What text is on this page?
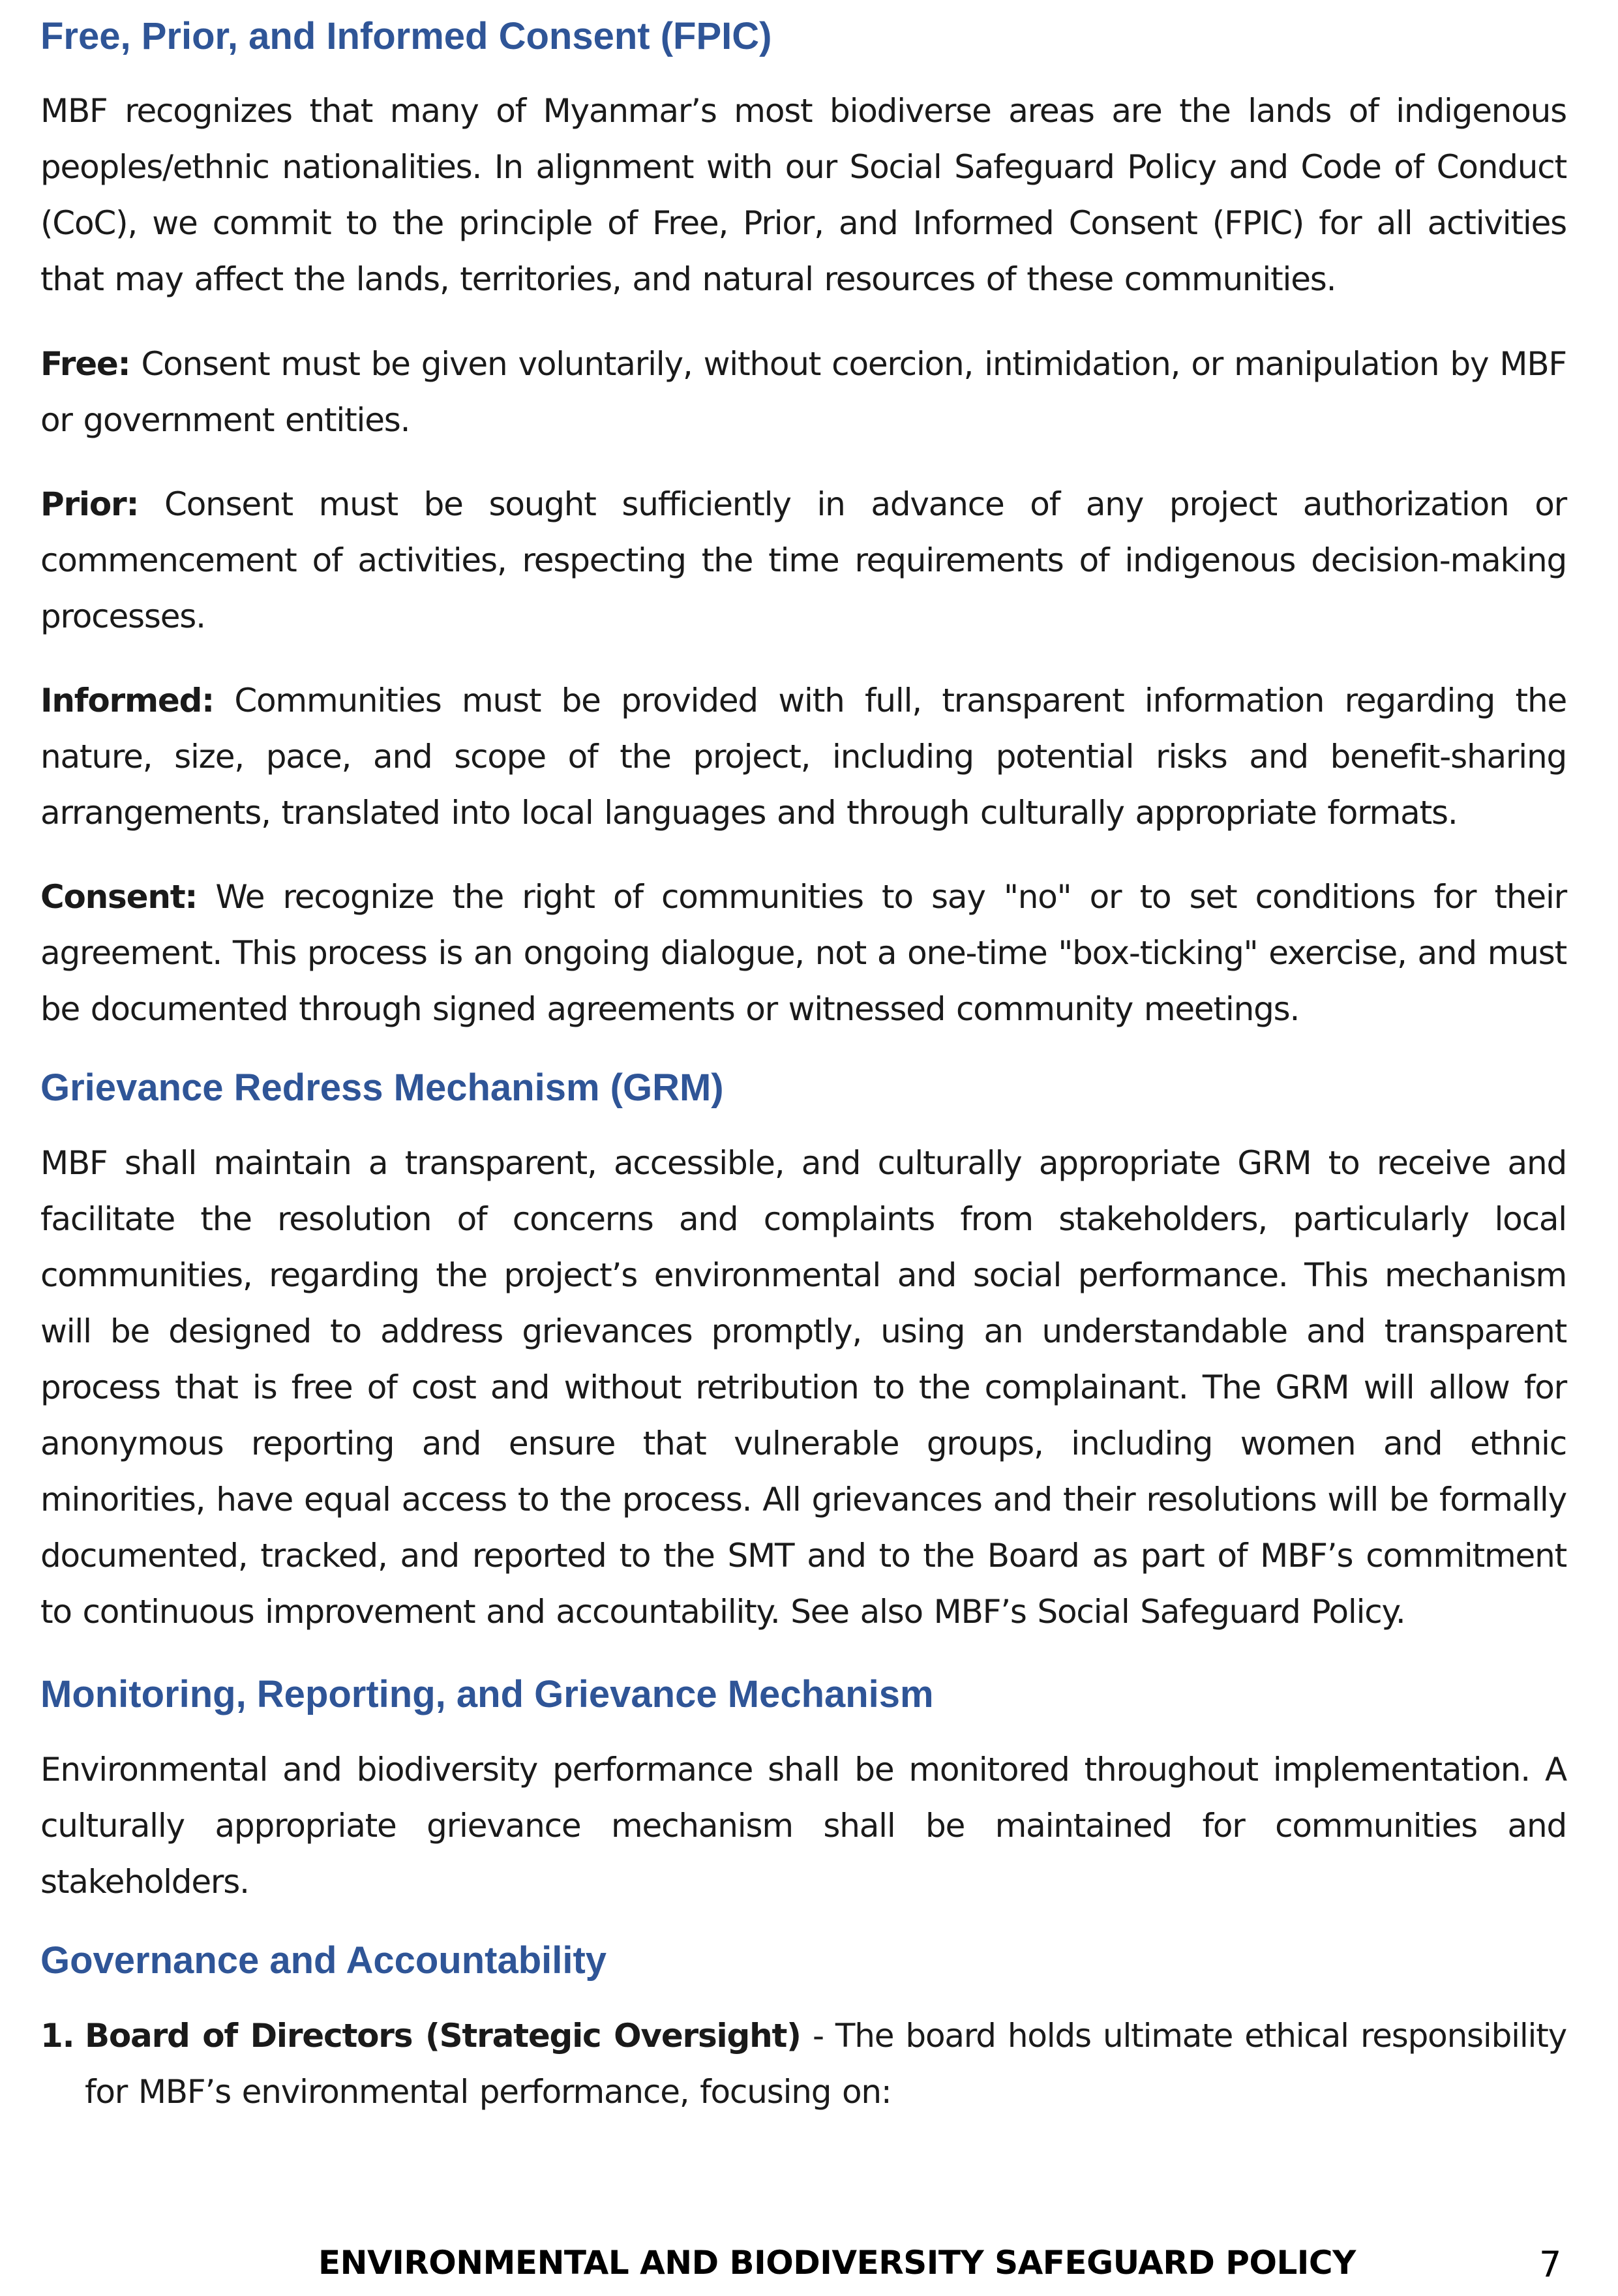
Free, Prior, and Informed Consent (FPIC)

MBF recognizes that many of Myanmar’s most biodiverse areas are the lands of indigenous peoples/ethnic nationalities. In alignment with our Social Safeguard Policy and Code of Conduct (CoC), we commit to the principle of Free, Prior, and Informed Consent (FPIC) for all activities that may affect the lands, territories, and natural resources of these communities.

Free: Consent must be given voluntarily, without coercion, intimidation, or manipulation by MBF or government entities.

Prior: Consent must be sought sufficiently in advance of any project authorization or commencement of activities, respecting the time requirements of indigenous decision-making processes.

Informed: Communities must be provided with full, transparent information regarding the nature, size, pace, and scope of the project, including potential risks and benefit-sharing arrangements, translated into local languages and through culturally appropriate formats.

Consent: We recognize the right of communities to say "no" or to set conditions for their agreement. This process is an ongoing dialogue, not a one-time "box-ticking" exercise, and must be documented through signed agreements or witnessed community meetings.

Grievance Redress Mechanism (GRM)

MBF shall maintain a transparent, accessible, and culturally appropriate GRM to receive and facilitate the resolution of concerns and complaints from stakeholders, particularly local communities, regarding the project’s environmental and social performance. This mechanism will be designed to address grievances promptly, using an understandable and transparent process that is free of cost and without retribution to the complainant. The GRM will allow for anonymous reporting and ensure that vulnerable groups, including women and ethnic minorities, have equal access to the process. All grievances and their resolutions will be formally documented, tracked, and reported to the SMT and to the Board as part of MBF’s commitment to continuous improvement and accountability. See also MBF’s Social Safeguard Policy.

Monitoring, Reporting, and Grievance Mechanism

Environmental and biodiversity performance shall be monitored throughout implementation. A culturally appropriate grievance mechanism shall be maintained for communities and stakeholders.

Governance and Accountability
1. Board of Directors (Strategic Oversight) - The board holds ultimate ethical responsibility for MBF’s environmental performance, focusing on:

ENVIRONMENTAL AND BIODIVERSITY SAFEGUARD POLICY	7
